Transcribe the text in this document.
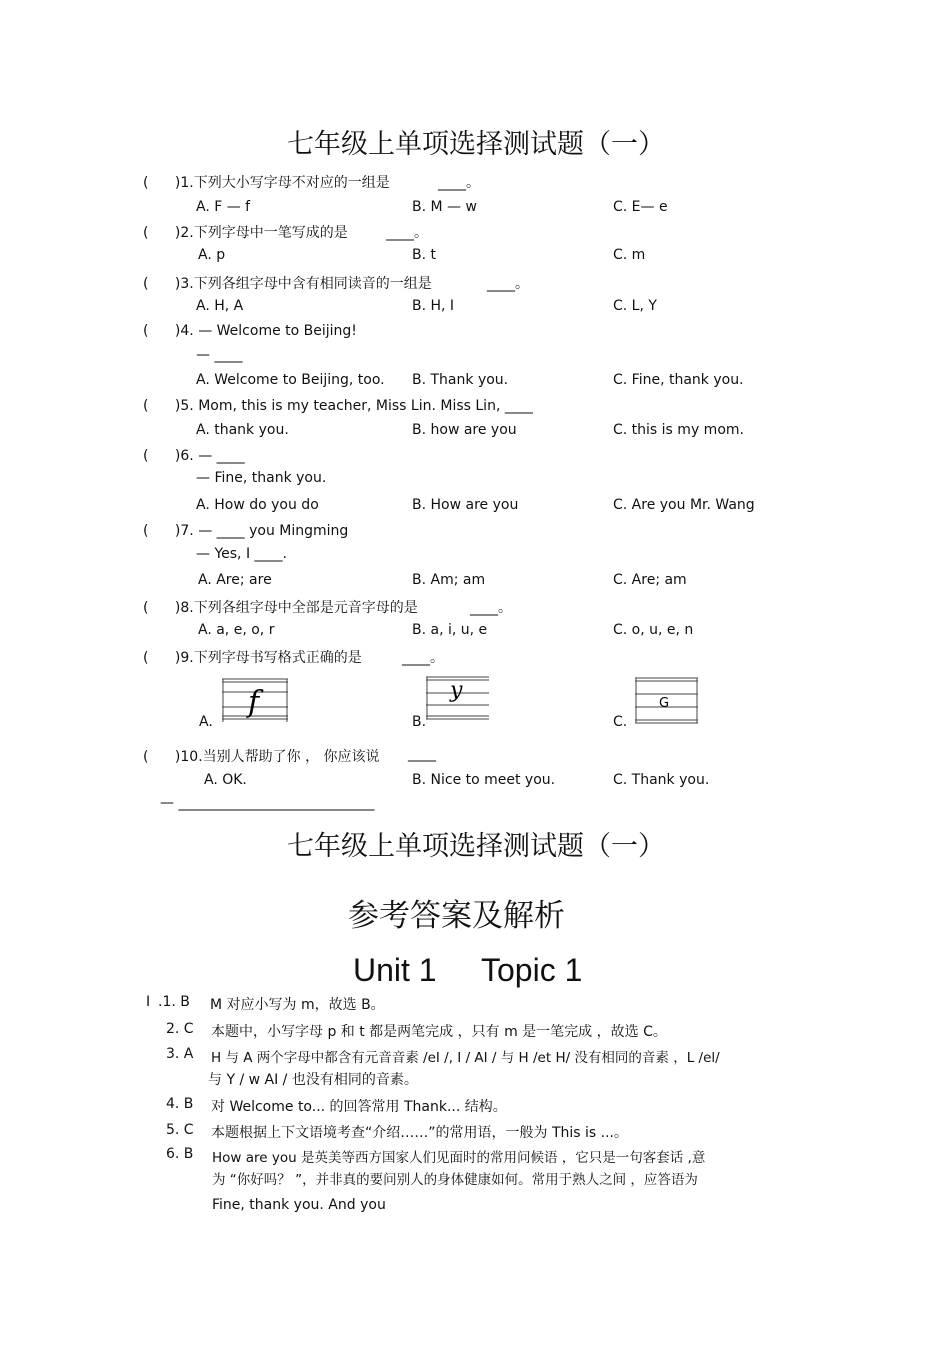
七年级上单项选择测试题（一）
( )1.下列大小写字母不对应的一组是	____。
A. F — f	B. M — w	C. E— e
( )2.下列字母中一笔写成的是	____。
A. p	B. t	C. m
( )3.下列各组字母中含有相同读音的一组是	____。
A. H, A	B. H, I	C. L, Y
( )4. — Welcome to Beijing!
— ____
A. Welcome to Beijing, too. B. Thank you.	C. Fine, thank you.
( )5. Mom, this is my teacher, Miss Lin. Miss Lin, ____
A. thank you.	B. how are you	C. this is my mom.
( )6. — ____
— Fine, thank you.
A. How do you do	B. How are you	C. Are you Mr. Wang
( )7. — ____ you Mingming
— Yes, I ____.
A. Are; are	B. Am; am	C. Are; am
( )8.下列各组字母中全部是元音字母的是	____。
A. a, e, o, r	B. a, i, u, e	C. o, u, e, n
( )9.下列字母书写格式正确的是	____。
A.
f
B.
y
C.
G
( )10.当别人帮助了你 ， 你应该说 ____
A. OK.	B. Nice to meet you.	C. Thank you.
— ____________________________
七年级上单项选择测试题（一）
参考答案及解析
Unit 1 Topic 1
Ⅰ .1. B M 对应小写为 m，故选 B。
2. C 本题中，小写字母 p 和 t 都是两笔完成 ，只有 m 是一笔完成 ，故选 C。
3. A H 与 A 两个字母中都含有元音音素 /eI /, I / AI / 与 H /et H/ 没有相同的音素 ，L /el/
与 Y / w AI / 也没有相同的音素。
4. B 对 Welcome to... 的回答常用 Thank... 结构。
5. C 本题根据上下文语境考查“介绍……”的常用语，一般为 This is ...。
6. B How are you 是英美等西方国家人们见面时的常用问候语 ，它只是一句客套话 ,意
为 “你好吗？ ”，并非真的要问别人的身体健康如何。常用于熟人之间 ，应答语为
Fine, thank you. And you
